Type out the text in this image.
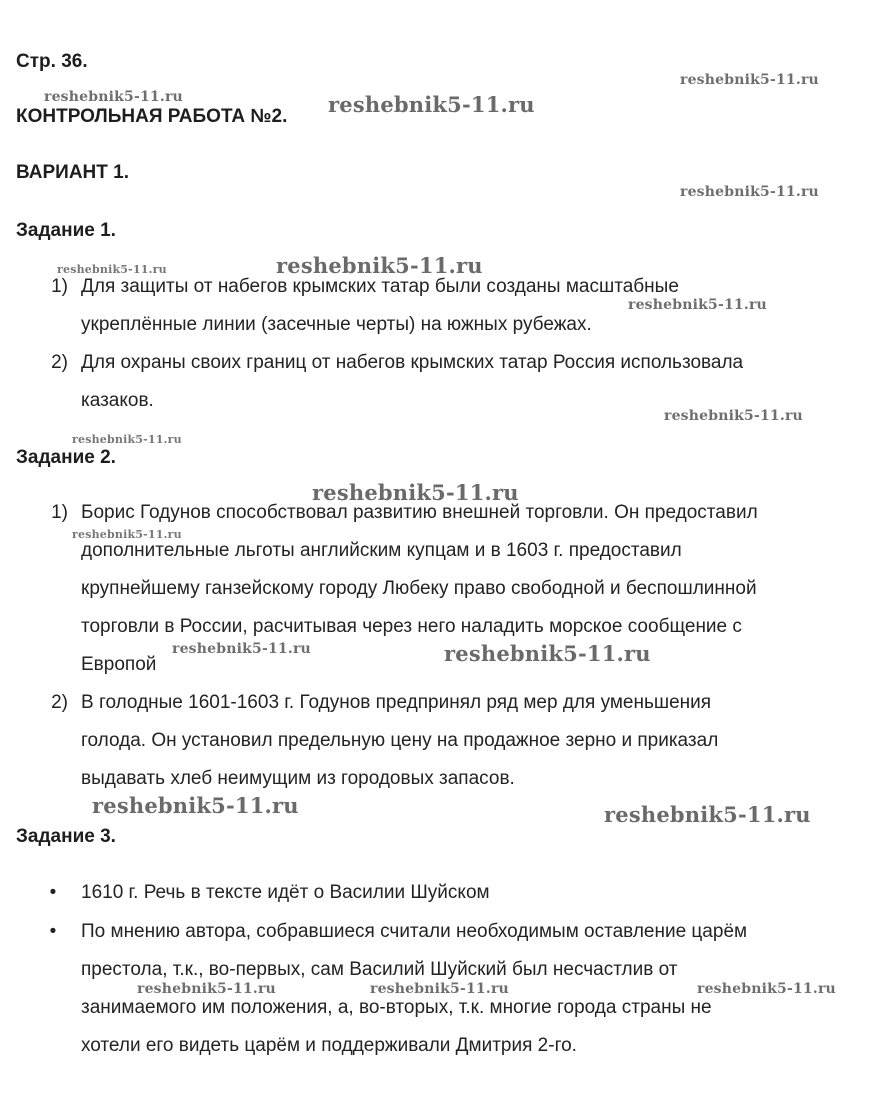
Стр. 36.
КОНТРОЛЬНАЯ РАБОТА №2.
ВАРИАНТ 1.
Задание 1.
1) Для защиты от набегов крымских татар были созданы масштабные
укреплённые линии (засечные черты) на южных рубежах.
2) Для охраны своих границ от набегов крымских татар Россия использовала
казаков.
Задание 2.
1) Борис Годунов способствовал развитию внешней торговли. Он предоставил
дополнительные льготы английским купцам и в 1603 г. предоставил
крупнейшему ганзейскому городу Любеку право свободной и беспошлинной
торговли в России, расчитывая через него наладить морское сообщение с
Европой
2) В голодные 1601-1603 г. Годунов предпринял ряд мер для уменьшения
голода. Он установил предельную цену на продажное зерно и приказал
выдавать хлеб неимущим из городовых запасов.
Задание 3.
•	1610 г. Речь в тексте идёт о Василии Шуйском
•	По мнению автора, собравшиеся считали необходимым оставление царём
престола, т.к., во-первых, сам Василий Шуйский был несчастлив от
занимаемого им положения, а, во-вторых, т.к. многие города страны не
хотели его видеть царём и поддерживали Дмитрия 2-го.
reshebnik5-11.ru
reshebnik5-11.ru	reshebnik5-11.ru
reshebnik5-11.ru
reshebnik5-11.ru
reshebnik5-11.ru
reshebnik5-11.ru
reshebnik5-11.ru
reshebnik5-11.ru
reshebnik5-11.ru
reshebnik5-11.ru
reshebnik5-11.ru	reshebnik5-11.ru
reshebnik5-11.ru	reshebnik5-11.ru
reshebnik5-11.ru	reshebnik5-11.ru	reshebnik5-11.ru
